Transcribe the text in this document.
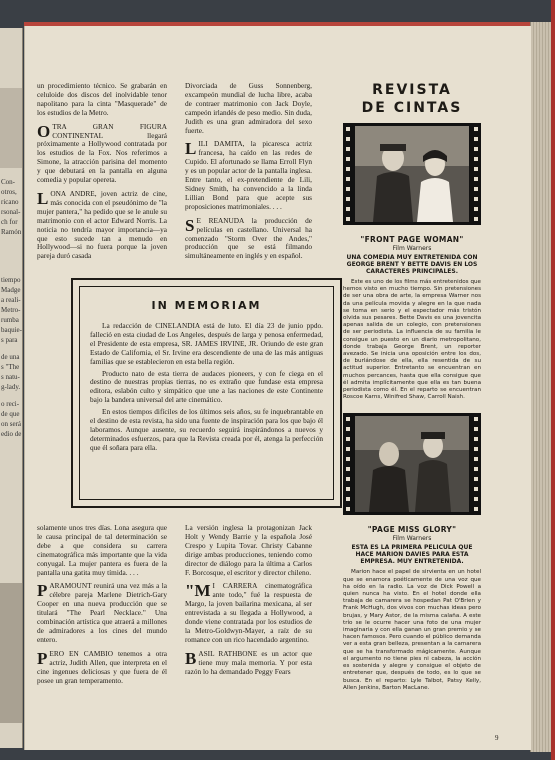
Con-
otros,
ricano
rsonal-
ch for
Ramón
tiempo
Madge
a reali-
Metro-
rumba
baquie-
s para
de una
s "The
s natu-
g-lady.
o reci-
de que
on será
edio de

un procedimiento técnico. Se grabarán en celuloide dos discos del inolvidable tenor napolitano para la cinta "Masquerade" de los estudios de la Metro.

OTRA GRAN FIGURA CONTINENTAL llegará próximamente a Hollywood contratada por los estudios de la Fox. Nos referimos a Simone, la atracción parisina del momento y que debutará en la pantalla en alguna comedia y popular opereta.

LONA ANDRE, joven actriz de cine, más conocida con el pseudónimo de "la mujer pantera," ha pedido que se le anule su matrimonio con el actor Edward Norris. La noticia no tendría mayor importancia—ya que esto sucede tan a menudo en Hollywood—si no fuera porque la joven pareja duró casada

Divorciada de Guss Sonnenberg, excampeón mundial de lucha libre, acaba de contraer matrimonio con Jack Doyle, campeón irlandés de peso medio. Sin duda, Judith es una gran admiradora del sexo fuerte.

LILI DAMITA, la picaresca actriz francesa, ha caído en las redes de Cupido. El afortunado se llama Erroll Flyn y es un popular actor de la pantalla inglesa. Entre tanto, el ex-pretendiente de Lili, Sidney Smith, ha convencido a la linda Lillian Bond para que acepte sus proposiciones matrimoniales. . . .

S E REANUDA la producción de películas en castellano. Universal ha comenzado "Storm Over the Andes," producción que se está filmando simultáneamente en inglés y en español.

IN MEMORIAM

La redacción de CINELANDIA está de luto. El día 23 de junio ppdo. falleció en esta ciudad de Los Angeles, después de larga y penosa enfermedad, el Presidente de esta empresa, SR. JAMES IRVINE, JR. Oriundo de este gran Estado de California, el Sr. Irvine era descendiente de una de las más antiguas familias que se establecieron en esta bella región.

Producto nato de esta tierra de audaces pioneers, y con fe ciega en el destino de nuestras propias tierras, no es extraño que fundase esta empresa editora, eslabón culto y simpático que une a las naciones de este Continente bajo la bandera universal del arte cinemático.

En estos tiempos difíciles de los últimos seis años, su fe inquebrantable en el destino de esta revista, ha sido una fuente de inspiración para los que bajo él laboramos. Aunque ausente, su recuerdo seguirá inspirándonos a nuevos y determinados esfuerzos, para que la Revista creada por él, atenga la perfección que él soñara para ella.

solamente unos tres días. Lona asegura que le causa principal de tal determinación se debe a que considera su carrera cinematográfica más importante que la vida conyugal. La mujer pantera es fuera de la pantalla una gatita muy tímida. . . .

PARAMOUNT reunirá una vez más a la célebre pareja Marlene Dietrich-Gary Cooper en una nueva producción que se titulará "The Pearl Necklace." Una combinación artística que atraerá a millones de admiradores a los cines del mundo entero.

PERO EN CAMBIO tenemos a otra actriz, Judith Allen, que interpreta en el cine ingenues deliciosas y que fuera de él posee un gran temperamento.

La versión inglesa la protagonizan Jack Holt y Wendy Barrie y la española José Crespo y Lupita Tovar. Christy Cabanne dirige ambas producciones, teniendo como director de diálogo para la última a Carlos F. Borcosque, el escritor y director chileno.

"M I CARRERA cinematográfica ante todo," fué la respuesta de Margo, la joven bailarina mexicana, al ser entrevistada a su llegada a Hollywood, a donde viene contratada por los estudios de la Metro-Goldwyn-Mayer, a raíz de su romance con un rico hacendado argentino.

BASIL RATHBONE es un actor que tiene muy mala memoria. Y por esta razón lo ha demandado Peggy Fears

REVISTA
DE CINTAS
"FRONT PAGE WOMAN"
Film Warners
UNA COMEDIA MUY ENTRETENIDA CON GEORGE BRENT Y BETTE DAVIS EN LOS CARACTERES PRINCIPALES.

Este es uno de los films más entretenidos que hemos visto en mucho tiempo. Sin pretensiones de ser una obra de arte, la empresa Warner nos da una película movida y alegre en la que nada se toma en serio y el espectador más tristón olvida sus pesares. Bette Davis es una jovencita apenas salida de un colegio, con pretensiones de ser periodista. La influencia de su familia le consigue un puesto en un diario metropolitano, donde trabaja George Brent, un reporter avezado. Se inicia una oposición entre los dos, de burlándose de ella, ella resentida de su actitud superior. Entretanto se encuentran en muchos percances, hasta que ella consigue que él admita implícitamente que ella es tan buena periodista como él. En el reparto se encuentran Roscoe Karns, Winifred Shaw, Carroll Naish.

"PAGE MISS GLORY"
Film Warners
ESTA ES LA PRIMERA PELICULA QUE HACE MARION DAVIES PARA ESTA EMPRESA. MUY ENTRETENIDA.

Marion hace el papel de sirvienta en un hotel que se enamora poéticamente de una voz que ha oído en la radio. La voz de Dick Powell a quien nunca ha visto. En el hotel donde ella trabaja de camarera se hospedan Pat O'Brien y Frank McHugh, dos vivos con muchas ideas pero brujas, y Mary Astor, de la misma calaña. A este trío se le ocurre hacer una foto de una mujer imaginaria y con ella ganan un gran premio y se hacen famosos. Pero cuando el público demanda ver a esta gran belleza, presentan a la camarera que se ha transformado mágicamente. Aunque el argumento no tiene pies ni cabeza, la acción es sostenida y alegre y consigue el objeto de entretener que, después de todo, es lo que se busca. En el reparto: Lyle Talbot, Patsy Kelly, Allen Jenkins, Barton MacLane.

9
